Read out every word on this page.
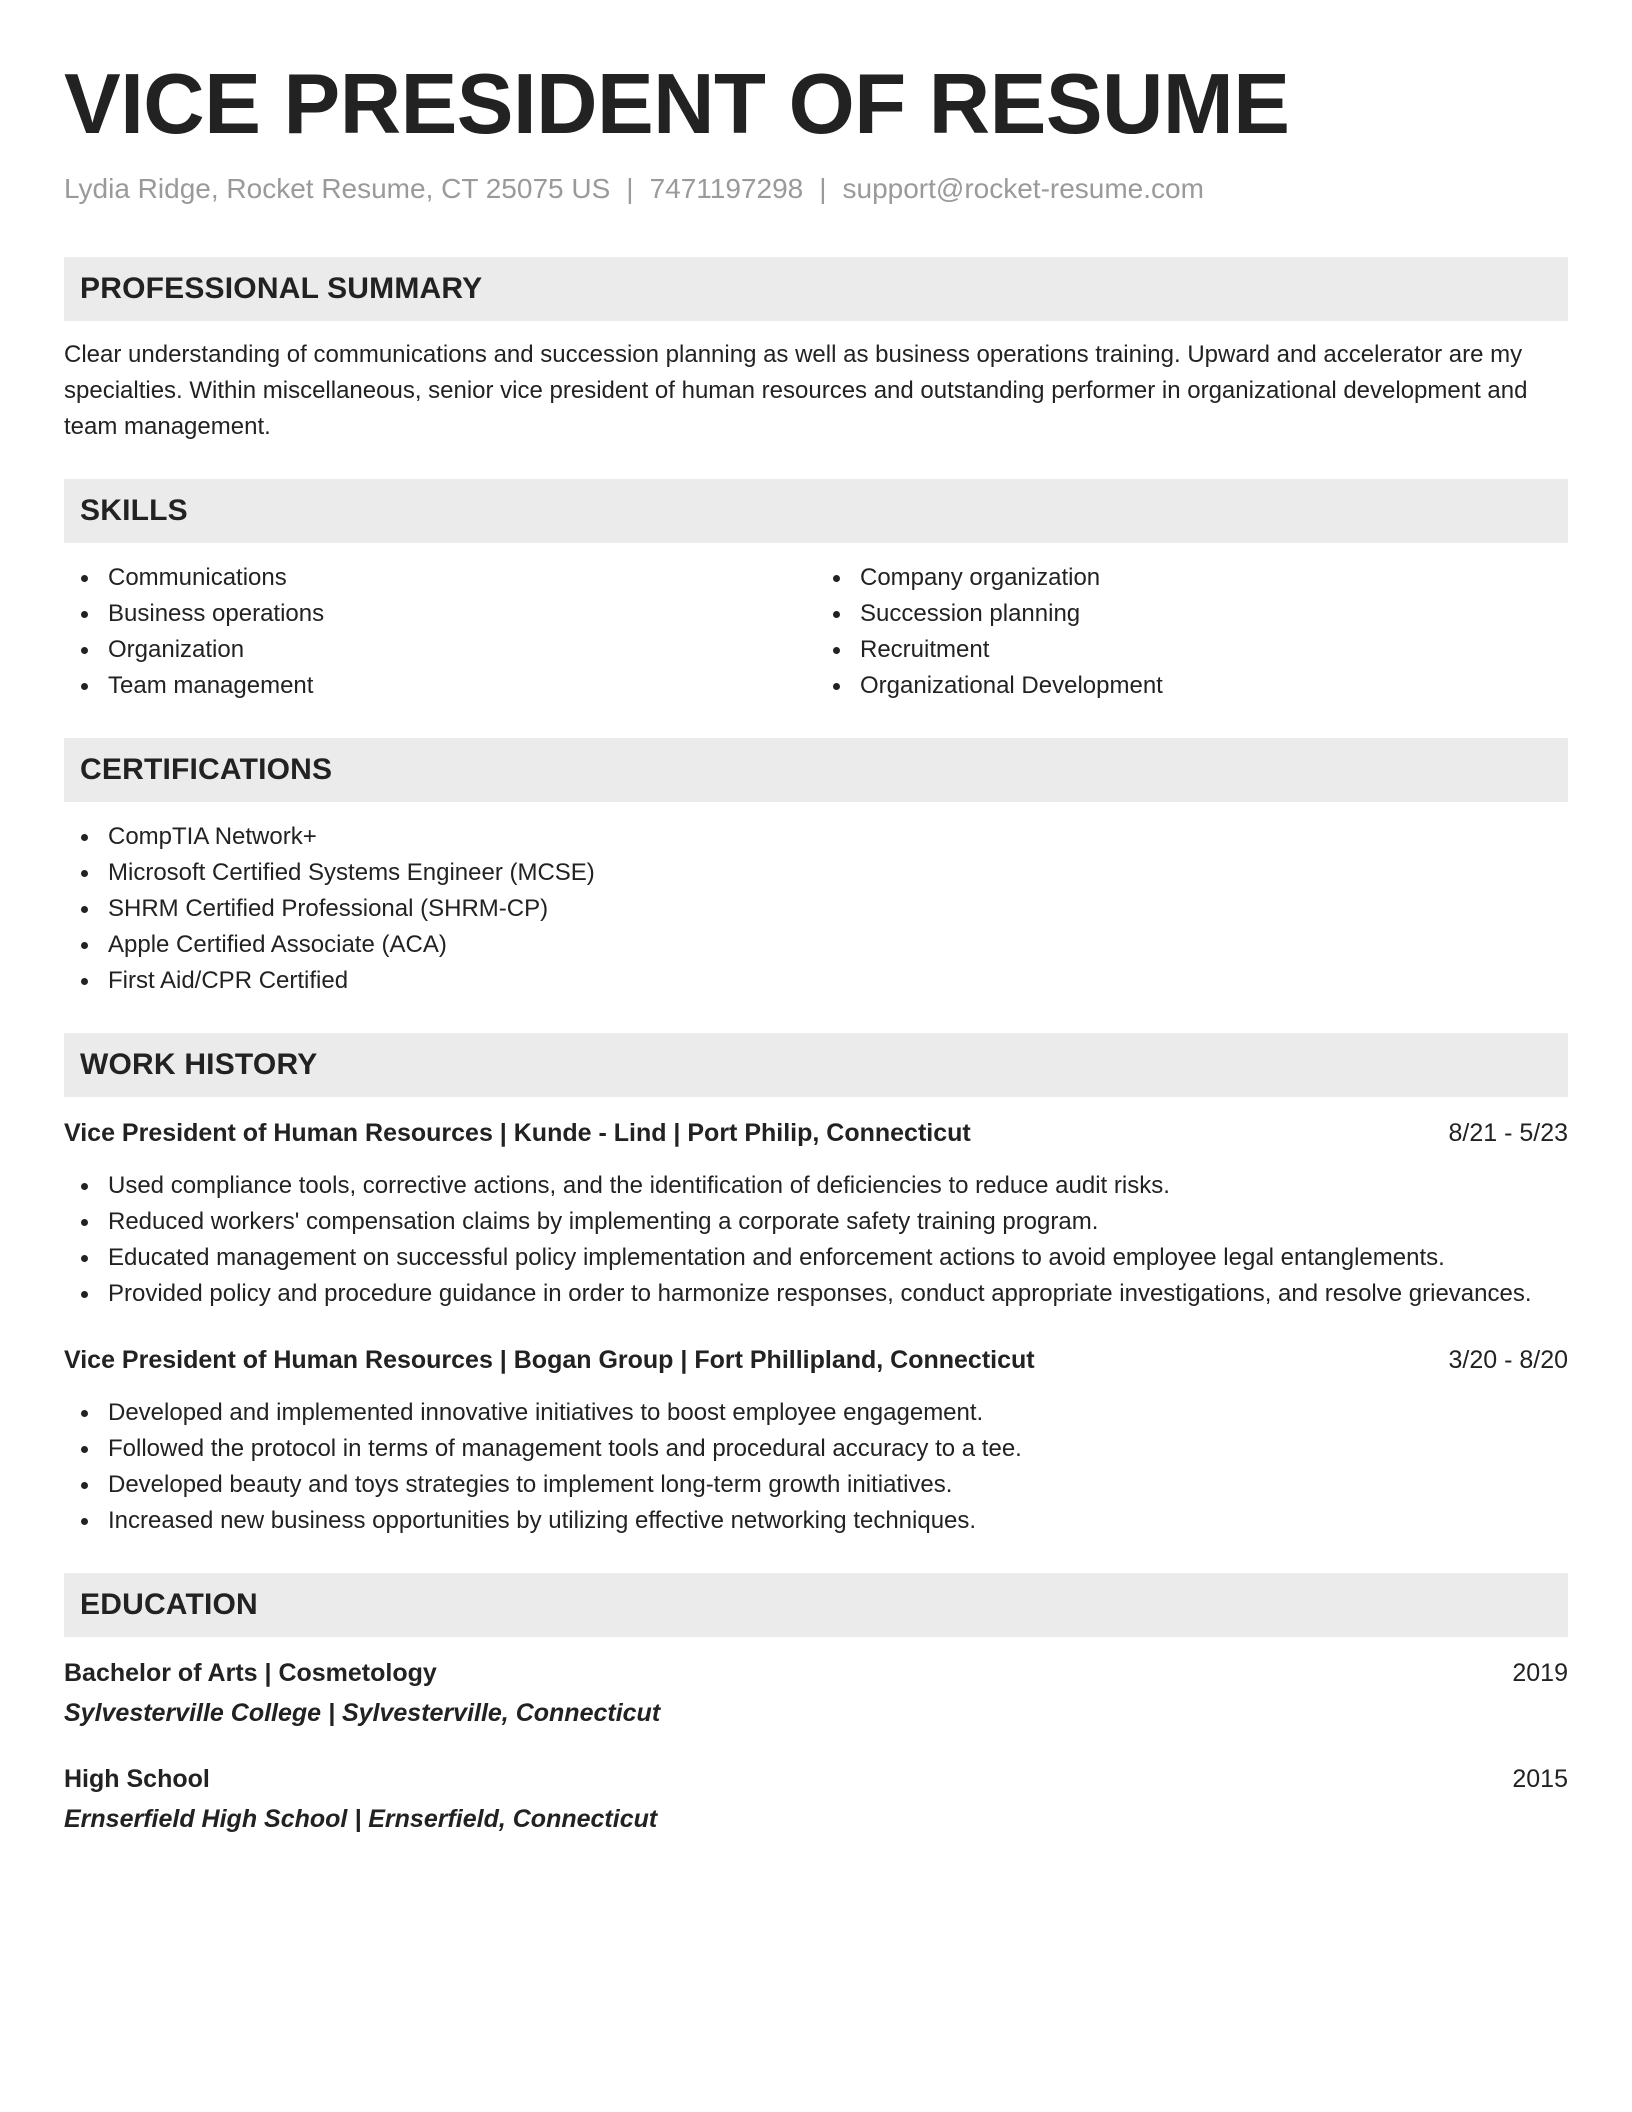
VICE PRESIDENT OF RESUME
Lydia Ridge, Rocket Resume, CT 25075 US | 7471197298 | support@rocket-resume.com
PROFESSIONAL SUMMARY

Clear understanding of communications and succession planning as well as business operations training. Upward and accelerator are my specialties. Within miscellaneous, senior vice president of human resources and outstanding performer in organizational development and team management.

SKILLS
Communications
Business operations
Organization
Team management
Company organization
Succession planning
Recruitment
Organizational Development
CERTIFICATIONS
CompTIA Network+
Microsoft Certified Systems Engineer (MCSE)
SHRM Certified Professional (SHRM-CP)
Apple Certified Associate (ACA)
First Aid/CPR Certified
WORK HISTORY
Vice President of Human Resources | Kunde - Lind | Port Philip, Connecticut	8/21 - 5/23
Used compliance tools, corrective actions, and the identification of deficiencies to reduce audit risks.
Reduced workers' compensation claims by implementing a corporate safety training program.
Educated management on successful policy implementation and enforcement actions to avoid employee legal entanglements.
Provided policy and procedure guidance in order to harmonize responses, conduct appropriate investigations, and resolve grievances.
Vice President of Human Resources | Bogan Group | Fort Phillipland, Connecticut	3/20 - 8/20
Developed and implemented innovative initiatives to boost employee engagement.
Followed the protocol in terms of management tools and procedural accuracy to a tee.
Developed beauty and toys strategies to implement long-term growth initiatives.
Increased new business opportunities by utilizing effective networking techniques.
EDUCATION
Bachelor of Arts | Cosmetology	2019
Sylvesterville College | Sylvesterville, Connecticut
High School	2015
Ernserfield High School | Ernserfield, Connecticut
